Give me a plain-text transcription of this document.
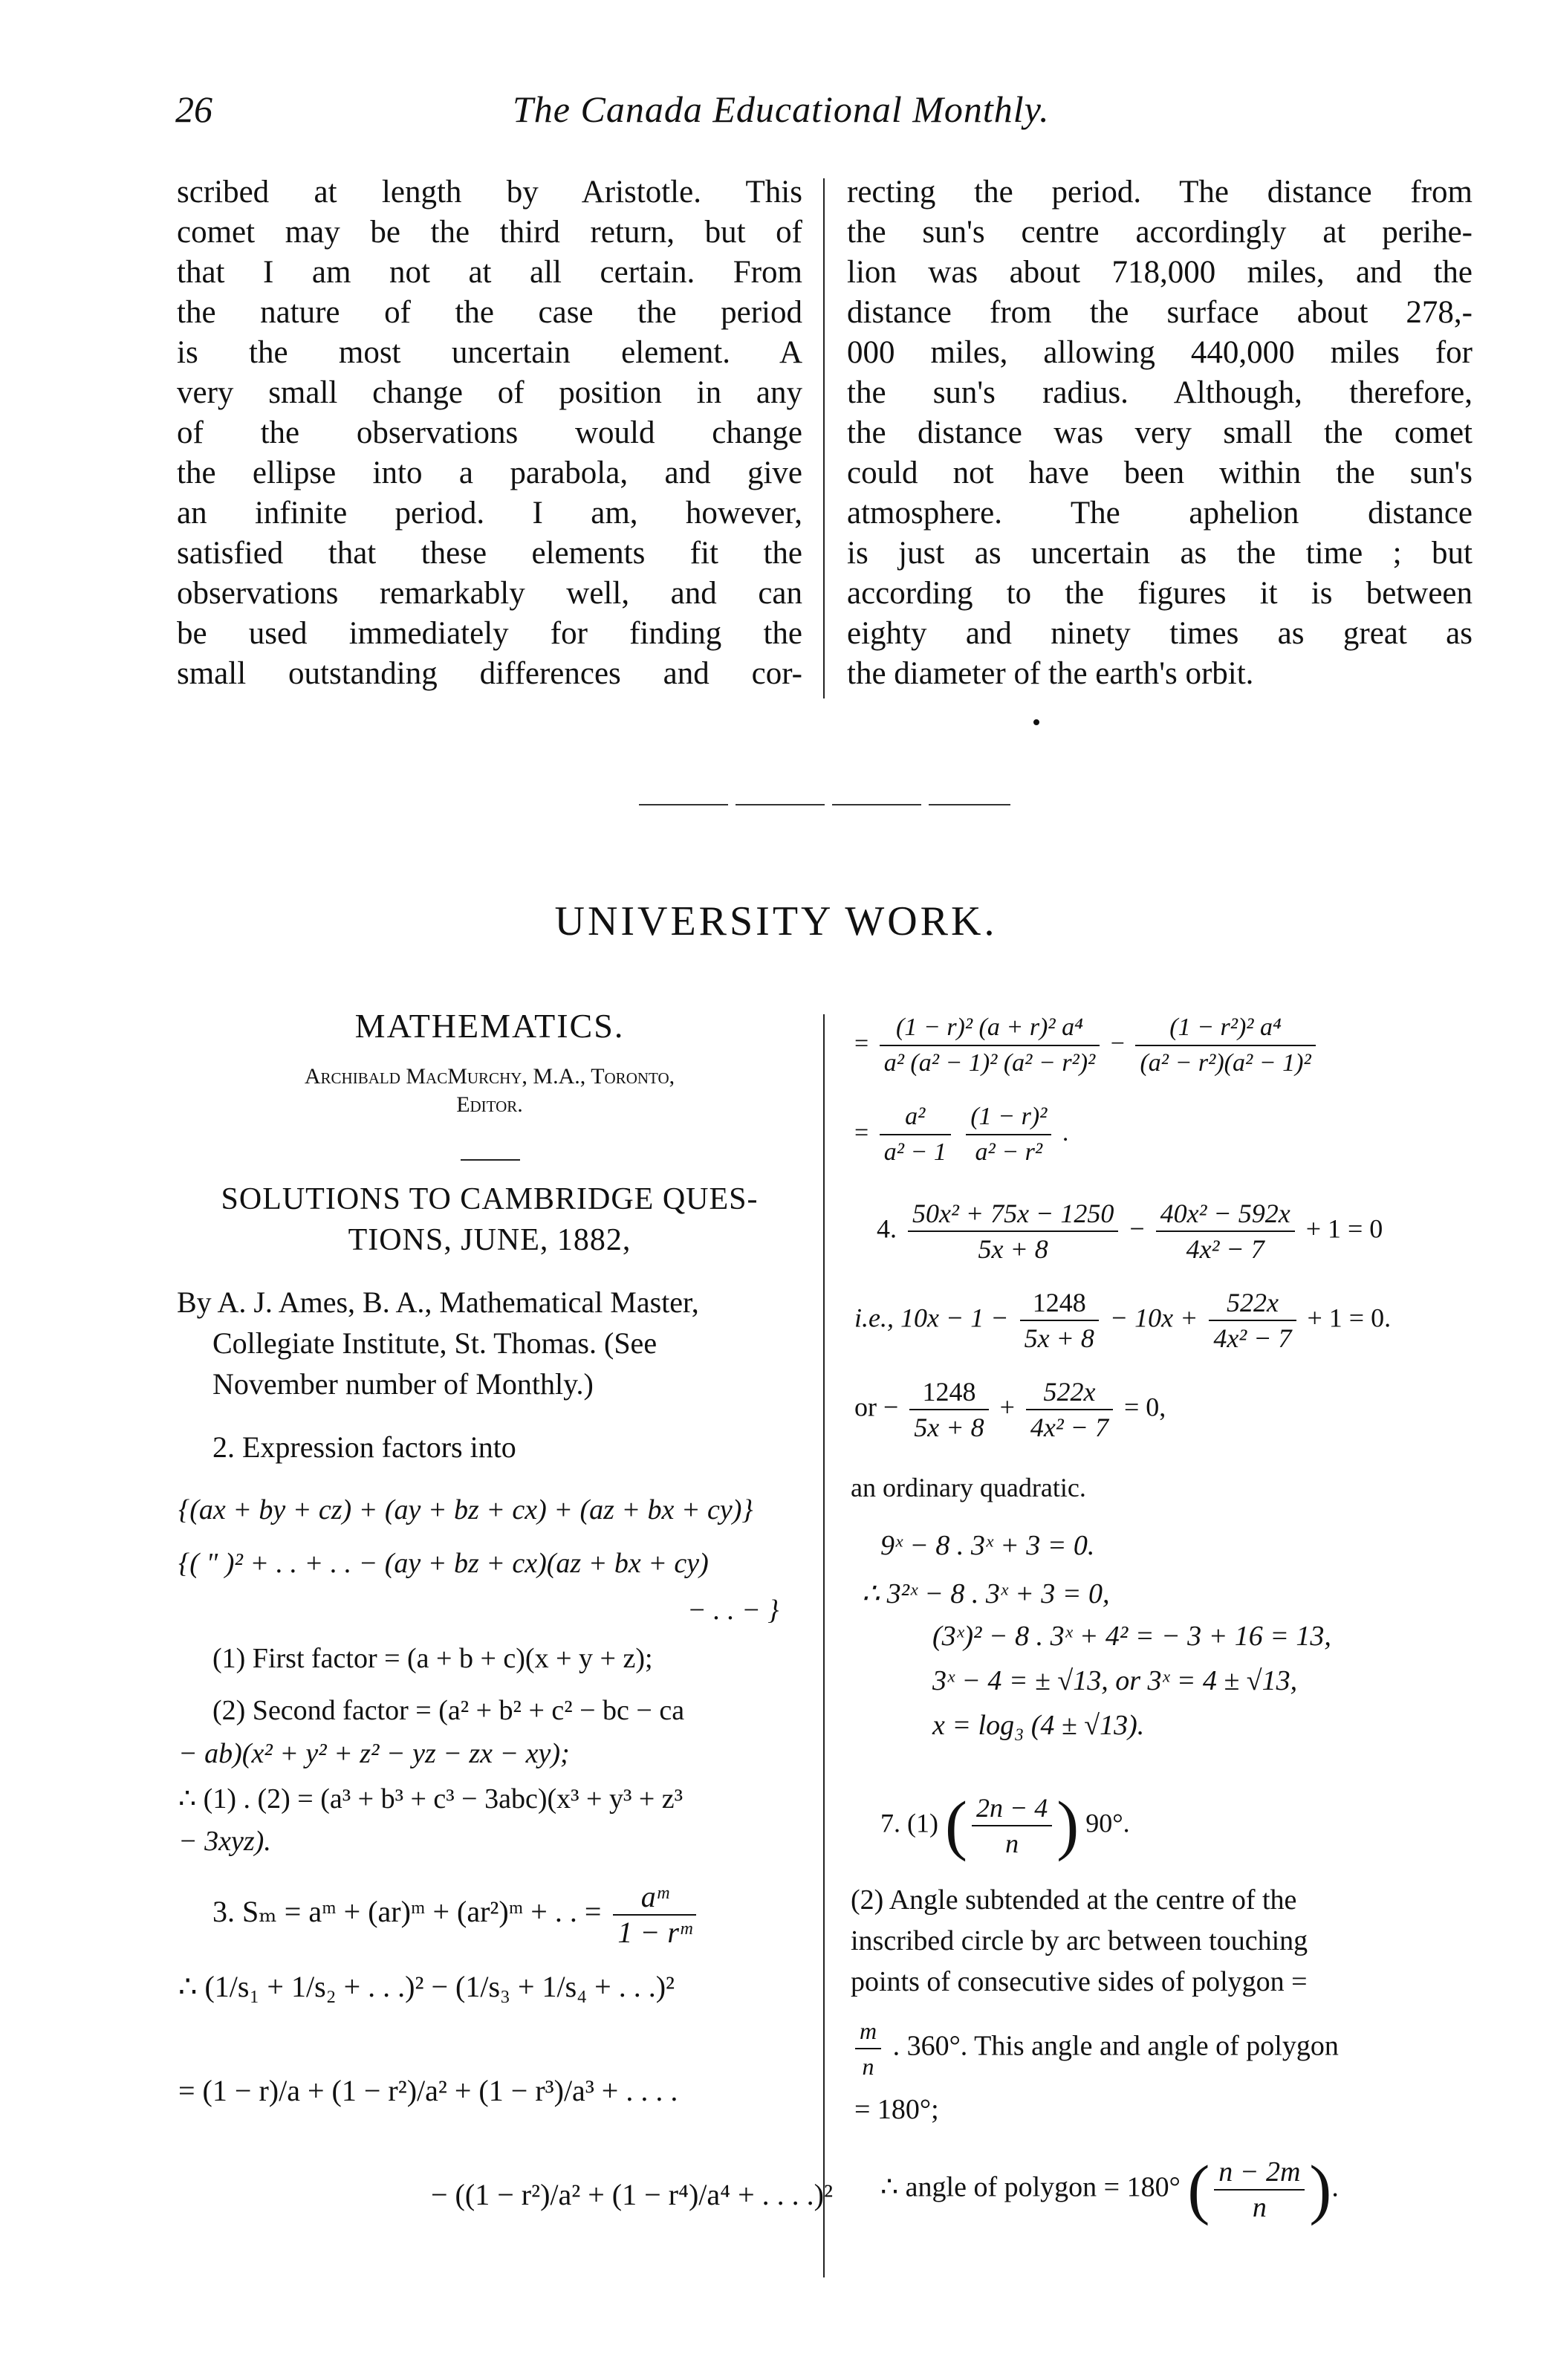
26	The Canada Educational Monthly.
scribed at length by Aristotle. This
comet may be the third return, but of
that I am not at all certain. From
the nature of the case the period
is the most uncertain element. A
very small change of position in any
of the observations would change
the ellipse into a parabola, and give
an infinite period. I am, however,
satisfied that these elements fit the
observations remarkably well, and can
be used immediately for finding the
small outstanding differences and cor-
recting the period. The distance from
the sun's centre accordingly at perihe-
lion was about 718,000 miles, and the
distance from the surface about 278,-
000 miles, allowing 440,000 miles for
the sun's radius. Although, therefore,
the distance was very small the comet
could not have been within the sun's
atmosphere. The aphelion distance
is just as uncertain as the time ; but
according to the figures it is between
eighty and ninety times as great as
the diameter of the earth's orbit.
UNIVERSITY WORK.
MATHEMATICS.
Archibald MacMurchy, M.A., Toronto,
Editor.
SOLUTIONS TO CAMBRIDGE QUES-
TIONS, JUNE, 1882,
By A. J. Ames, B. A., Mathematical Master,
Collegiate Institute, St. Thomas. (See
November number of Monthly.)
2. Expression factors into
{(ax + by + cz) + (ay + bz + cx) + (az + bx + cy)}
{( " )² + . . + . . − (ay + bz + cx)(az + bx + cy)
− . . − }
(1) First factor = (a + b + c)(x + y + z);
(2) Second factor = (a² + b² + c² − bc − ca
− ab)(x² + y² + z² − yz − zx − xy);
∴ (1) . (2) = (a³ + b³ + c³ − 3abc)(x³ + y³ + z³
− 3xyz).
3. Sₘ = aᵐ + (ar)ᵐ + (ar²)ᵐ + . . = $\frac{\text{aᵐ}}{\text{1 − rᵐ}}$
∴ (1/s₁ + 1/s₂ + . . .)² − (1/s₃ + 1/s₄ + . . .)²
= (1 − r)/a + (1 − r²)/a² + (1 − r³)/a³ + . . . .
− ((1 − r²)/a² + (1 − r⁴)/a⁴ + . . . .)²
= $\frac{\text{(1 − r)² (a + r)² a⁴}}{\text{a² (a² − 1)² (a² − r²)²}} - \frac{\text{(1 − r²)² a⁴}}{\text{(a² − r²)(a² − 1)²}}$
= $\frac{\text{a²}}{\text{a² − 1}}$
$\frac{\text{(1 − r)²}}{\text{a² − r²}}$ .
4. $\frac{\text{50x² + 75x − 1250}}{5x + 8} - \frac{\text{40x² − 592x}}{\text{4x² − 7}} + 1 = 0$
i.e., $10x - 1 - \frac{1248}{5x + 8} - 10x + \frac{522x}{\text{4x² − 7}} + 1 = 0$.
or − $\frac{1248}{5x + 8} + \frac{522x}{\text{4x² − 7}} = 0$,
an ordinary quadratic.
9ˣ − 8 . 3ˣ + 3 = 0.
∴ 3²ˣ − 8 . 3ˣ + 3 = 0,
(3ˣ)² − 8 . 3ˣ + 4² = − 3 + 16 = 13,
3ˣ − 4 = ± √13, or 3ˣ = 4 ± √13,
x = log₃ (4 ± √13).
7. (1) ( $\frac{2n - 4}{n}$ ) 90°.
(2) Angle subtended at the centre of the
inscribed circle by arc between touching
points of consecutive sides of polygon =
$\frac{m}{n}$ . 360°. This angle and angle of polygon
= 180°;
∴ angle of polygon = 180° ( $\frac{n - 2m}{n}$ ).
